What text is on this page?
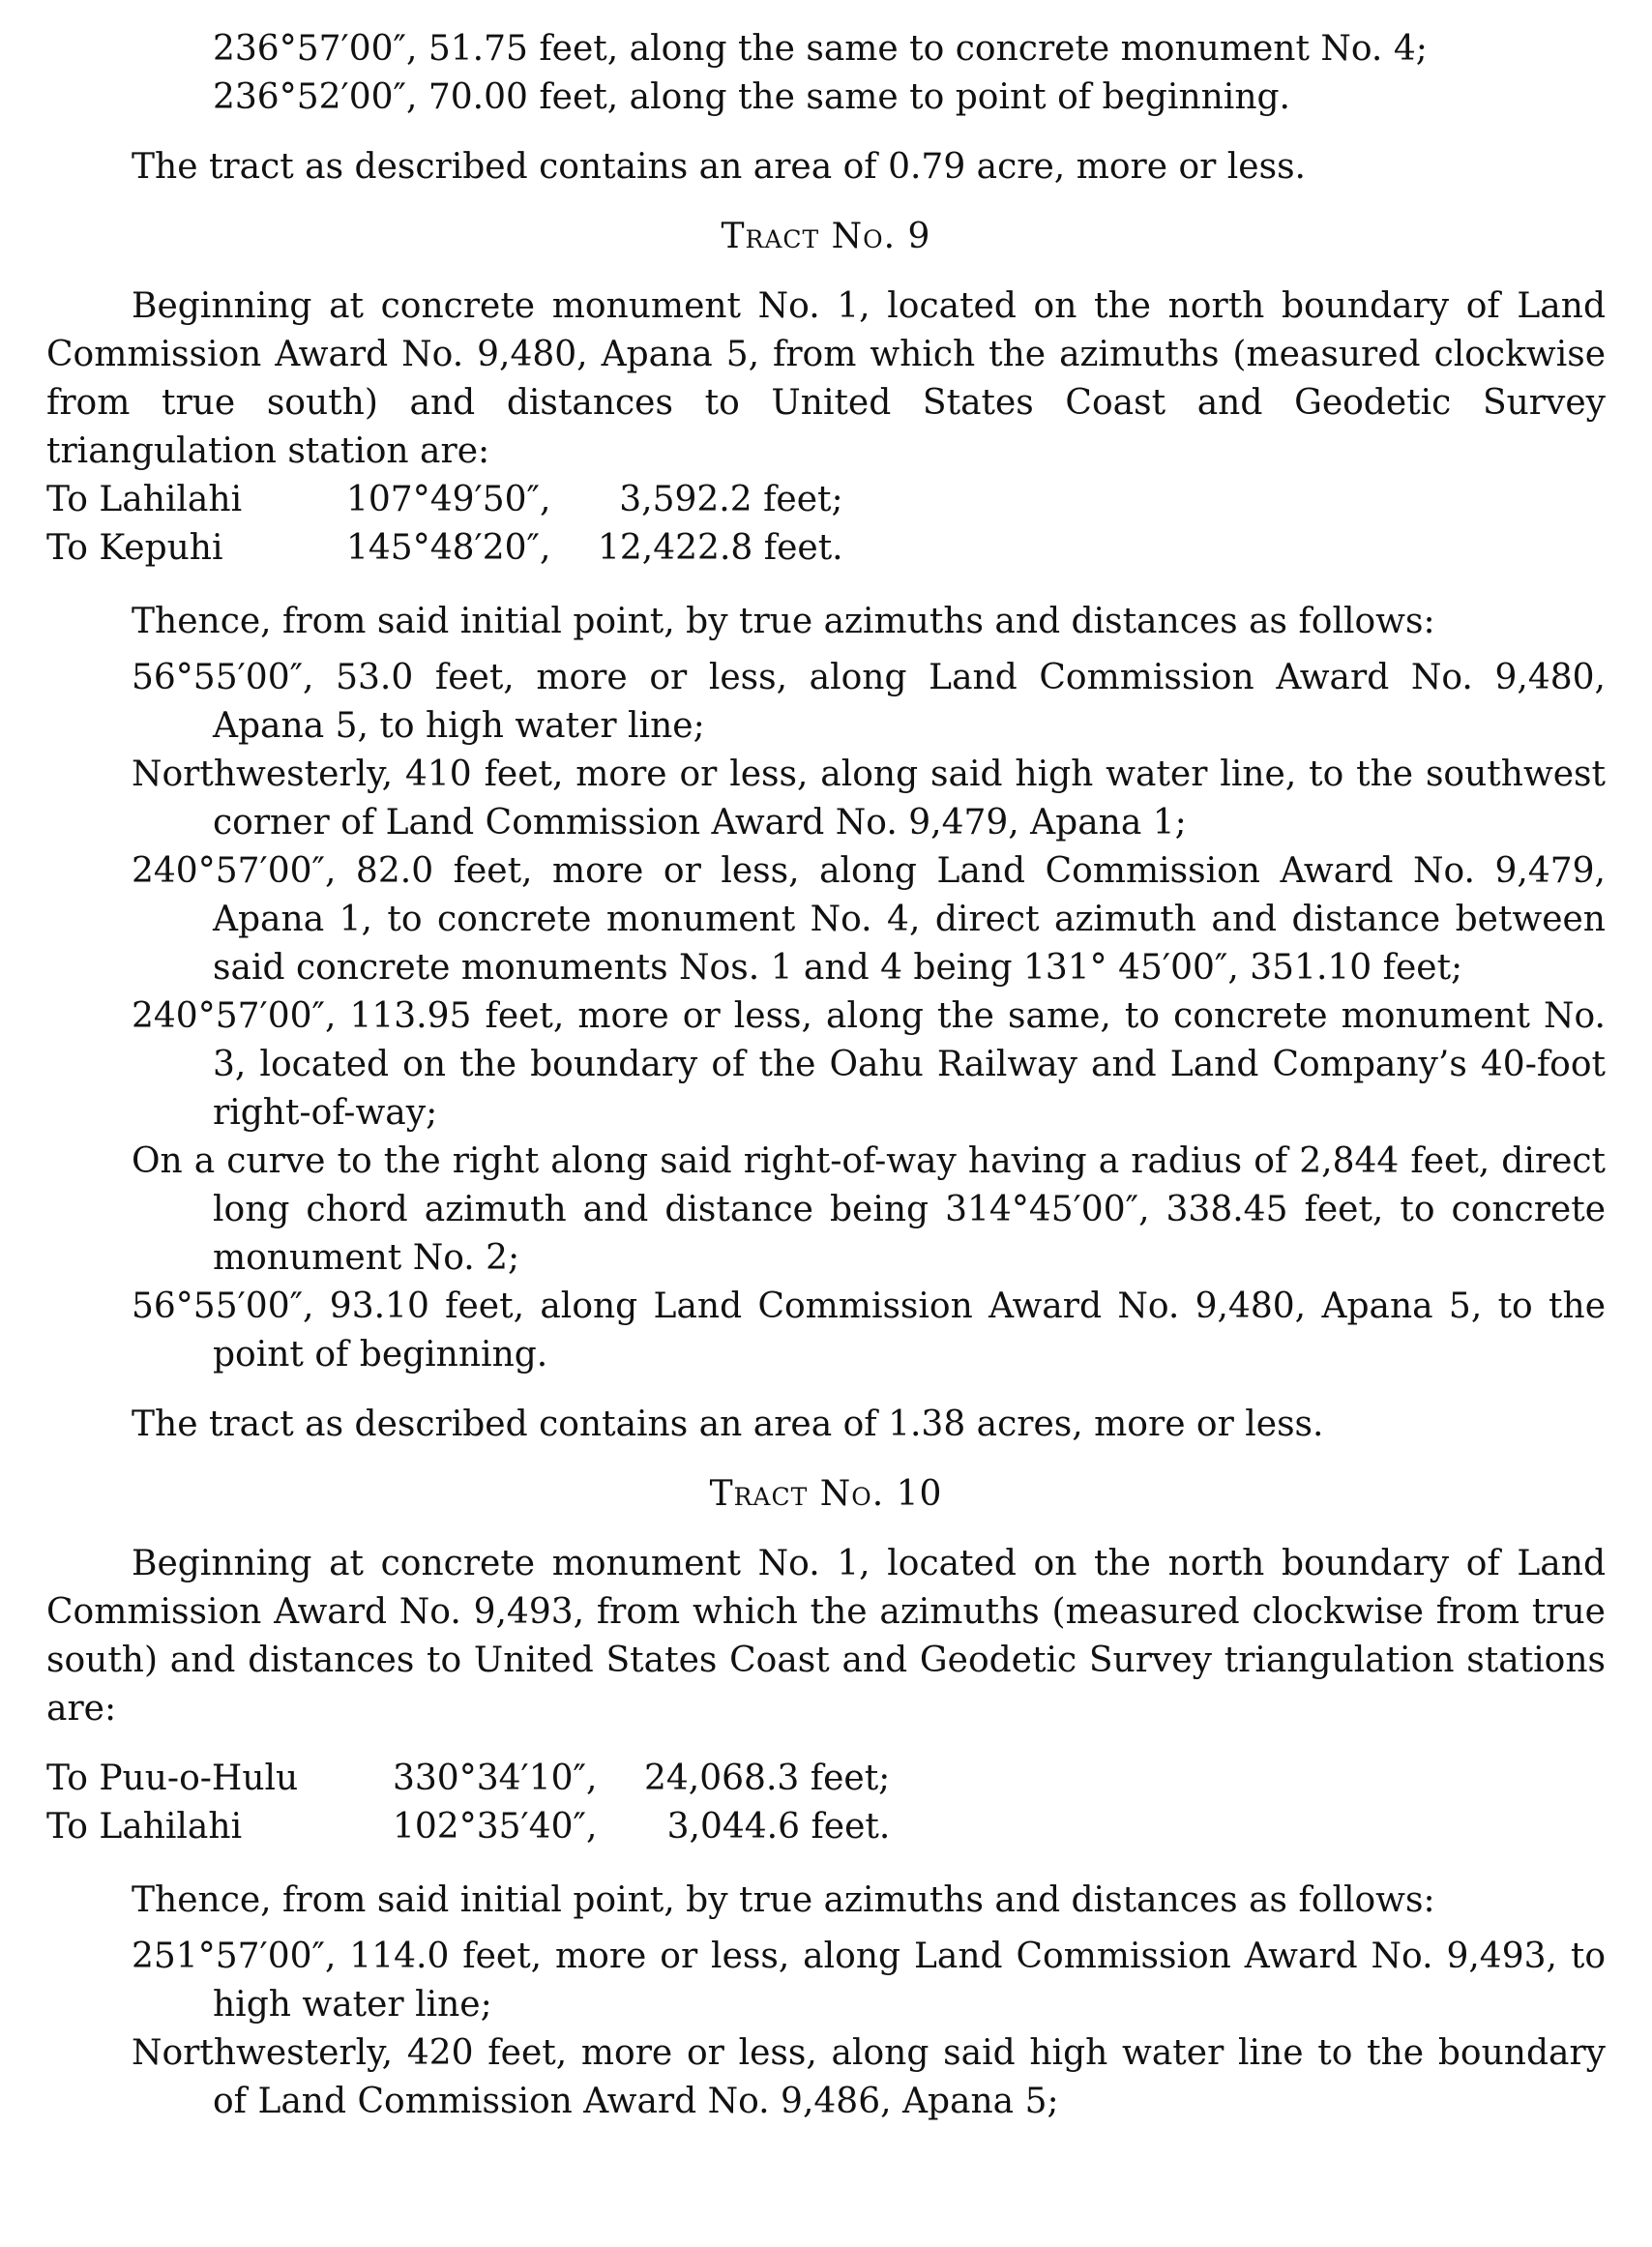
236°57′00″, 51.75 feet, along the same to concrete monument No. 4;
236°52′00″, 70.00 feet, along the same to point of beginning.
The tract as described contains an area of 0.79 acre, more or less.
Tract No. 9
Beginning at concrete monument No. 1, located on the north boundary of Land Commission Award No. 9,480, Apana 5, from which the azimuths (measured clockwise from true south) and distances to United States Coast and Geodetic Survey triangulation station are:
To Lahilahi	107°49′50″,	3,592.2 feet;
To Kepuhi	145°48′20″,	12,422.8 feet.
Thence, from said initial point, by true azimuths and distances as follows:
56°55′00″, 53.0 feet, more or less, along Land Commission Award No. 9,480, Apana 5, to high water line;
Northwesterly, 410 feet, more or less, along said high water line, to the southwest corner of Land Commission Award No. 9,479, Apana 1;
240°57′00″, 82.0 feet, more or less, along Land Commission Award No. 9,479, Apana 1, to concrete monument No. 4, direct azimuth and distance between said concrete monuments Nos. 1 and 4 being 131° 45′00″, 351.10 feet;
240°57′00″, 113.95 feet, more or less, along the same, to concrete monument No. 3, located on the boundary of the Oahu Railway and Land Company’s 40-foot right-of-way;
On a curve to the right along said right-of-way having a radius of 2,844 feet, direct long chord azimuth and distance being 314°45′00″, 338.45 feet, to concrete monument No. 2;
56°55′00″, 93.10 feet, along Land Commission Award No. 9,480, Apana 5, to the point of beginning.
The tract as described contains an area of 1.38 acres, more or less.
Tract No. 10
Beginning at concrete monument No. 1, located on the north boundary of Land Commission Award No. 9,493, from which the azimuths (measured clockwise from true south) and distances to United States Coast and Geodetic Survey triangulation stations are:
To Puu-o-Hulu	330°34′10″,	24,068.3 feet;
To Lahilahi	102°35′40″,	3,044.6 feet.
Thence, from said initial point, by true azimuths and distances as follows:
251°57′00″, 114.0 feet, more or less, along Land Commission Award No. 9,493, to high water line;
Northwesterly, 420 feet, more or less, along said high water line to the boundary of Land Commission Award No. 9,486, Apana 5;
